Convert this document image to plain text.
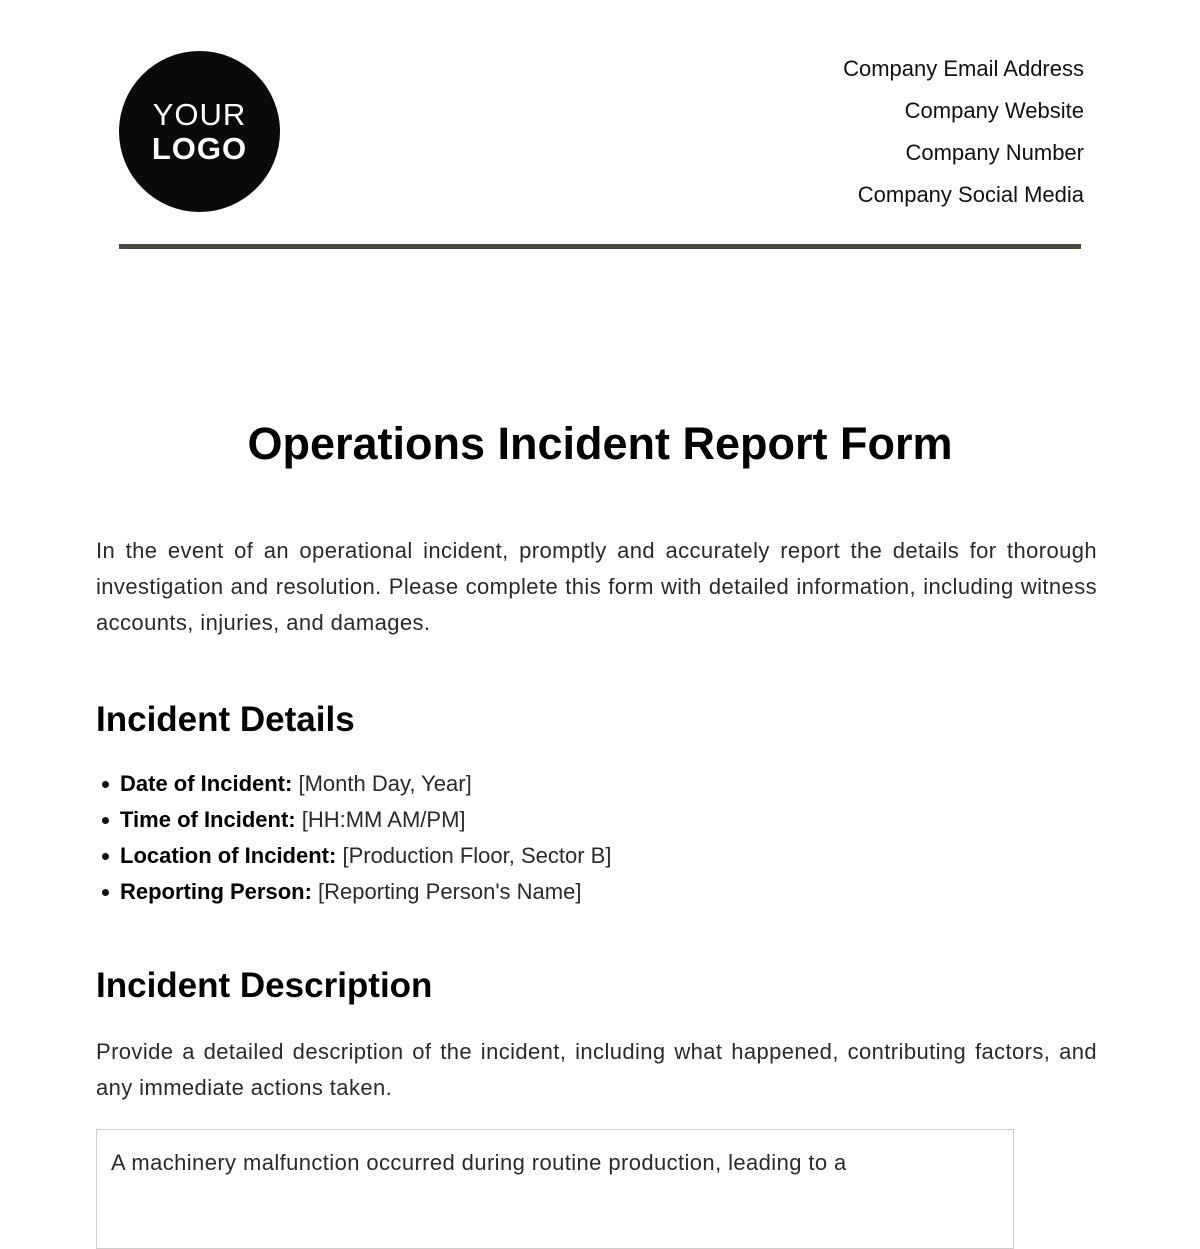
YOUR
LOGO
Company Email Address
Company Website
Company Number
Company Social Media
Operations Incident Report Form

In the event of an operational incident, promptly and accurately report the details for thorough investigation and resolution. Please complete this form with detailed information, including witness accounts, injuries, and damages.

Incident Details
Date of Incident: [Month Day, Year]
Time of Incident: [HH:MM AM/PM]
Location of Incident: [Production Floor, Sector B]
Reporting Person: [Reporting Person's Name]
Incident Description

Provide a detailed description of the incident, including what happened, contributing factors, and any immediate actions taken.

A machinery malfunction occurred during routine production, leading to a
